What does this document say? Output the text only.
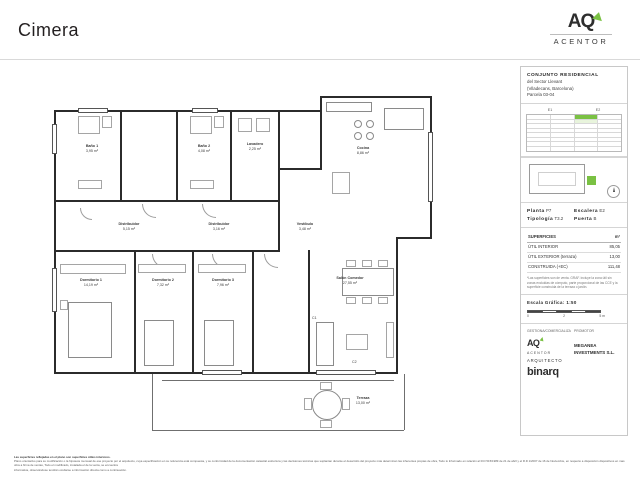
Cimera	AQ
ACENTOR
CONJUNTO RESIDENCIAL
del Sector Llevant
(Viladecans, Barcelona)
Parcela 03-04
E1	E2
Planta P7	Escalera E2
Tipología T3.2	Puerta B
SUPERFICIES	m²
ÚTIL INTERIOR	85,05
ÚTIL EXTERIOR (terraza)	13,00
CONSTRUIDA (+EC)	111,48
*Las superficies son de venta. GRAF. incluye la zona útil sin zonas excluidas de cómputo, parte proporcional de las CCE y la superficie construida de la terraza o jardín.
Escala Gráfica: 1:50
0	2	5 m
GESTIONA/COMERCIALIZA PROMOTOR
AQ
ACENTOR
ARQUITECTO
binarq
MEGANEA
INVESTMENTS S.L.
Baño 1
3,95 m²
Baño 2
4,08 m²
Lavadero
2,25 m²	Cocina
8,86 m²
Distribuidor
5,15 m²
Distribuidor
3,16 m²
Vestíbulo
3,48 m²
Dormitorio 1
14,19 m²
Dormitorio 2
7,32 m²
Dormitorio 3
7,96 m²
Salón Comedor
27,55 m²
Terraza
13,00 m²
C1
C2
Las superficies reflejadas en el plano son superficies útiles interiores.
Plano orientativo para su modificación o la hipoteca mensual de ese proyecto por el arquitecto, cuya especificación en su referencia está compuesta, y su conformidad de la documentación catastral estructura y las decisiones técnicas que suplantan durante el desarrollo del proyecto más determinan las inherentes propias de obra, Todo lo Informado en relación al R.D 515/1989 de 21 de abril y el R.D 1/2007 de 16 de Noviembre, en respecto a disposición dispositivos en mas obra a firma de ventas, Todo el modificado, instalada el de la venta, se encuentra
informativa, observándose tendrán ocultarse a información directa como a continuación.
